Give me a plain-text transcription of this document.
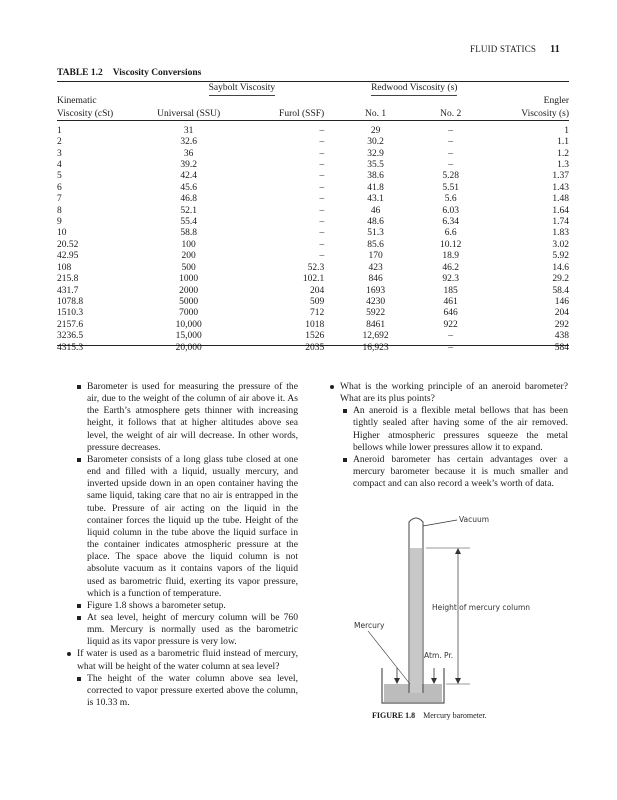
FLUID STATICS 11
TABLE 1.2 Viscosity Conversions
	Saybolt Viscosity		Redwood Viscosity (s)		
Kinematic					Engler
Viscosity (cSt)	Universal (SSU)	Furol (SSF)	No. 1	No. 2	Viscosity (s)

1	31	–	29	–	1
2	32.6	–	30.2	–	1.1
3	36	–	32.9	–	1.2
4	39.2	–	35.5	–	1.3
5	42.4	–	38.6	5.28	1.37
6	45.6	–	41.8	5.51	1.43
7	46.8	–	43.1	5.6	1.48
8	52.1	–	46	6.03	1.64
9	55.4	–	48.6	6.34	1.74
10	58.8	–	51.3	6.6	1.83
20.52	100	–	85.6	10.12	3.02
42.95	200	–	170	18.9	5.92
108	500	52.3	423	46.2	14.6
215.8	1000	102.1	846	92.3	29.2
431.7	2000	204	1693	185	58.4
1078.8	5000	509	4230	461	146
1510.3	7000	712	5922	646	204
2157.6	10,000	1018	8461	922	292
3236.5	15,000	1526	12,692	–	438
4315.3	20,000	2035	16,923	–	584
Barometer is used for measuring the pressure of the air, due to the weight of the column of air above it. As the Earth’s atmosphere gets thinner with increasing height, it follows that at higher altitudes above sea level, the weight of air will decrease. In other words, pressure decreases.
Barometer consists of a long glass tube closed at one end and filled with a liquid, usually mercury, and inverted upside down in an open container having the same liquid, taking care that no air is entrapped in the tube. Pressure of air acting on the liquid in the container forces the liquid up the tube. Height of the liquid column in the tube above the liquid surface in the container indicates atmospheric pressure at the place. The space above the liquid column is not absolute vacuum as it contains vapors of the liquid used as barometric fluid, exerting its vapor pressure, which is a function of temperature.
Figure 1.8 shows a barometer setup.
At sea level, height of mercury column will be 760 mm. Mercury is normally used as the barometric liquid as its vapor pressure is very low.
If water is used as a barometric fluid instead of mercury, what will be height of the water column at sea level?
The height of the water column above sea level, corrected to vapor pressure exerted above the column, is 10.33 m.
What is the working principle of an aneroid barometer? What are its plus points?
An aneroid is a flexible metal bellows that has been tightly sealed after having some of the air removed. Higher atmospheric pressures squeeze the metal bellows while lower pressures allow it to expand.
Aneroid barometer has certain advantages over a mercury barometer because it is much smaller and compact and can also record a week’s worth of data.
Vacuum
Height of mercury column
Mercury
Atm. Pr.
FIGURE 1.8 Mercury barometer.
